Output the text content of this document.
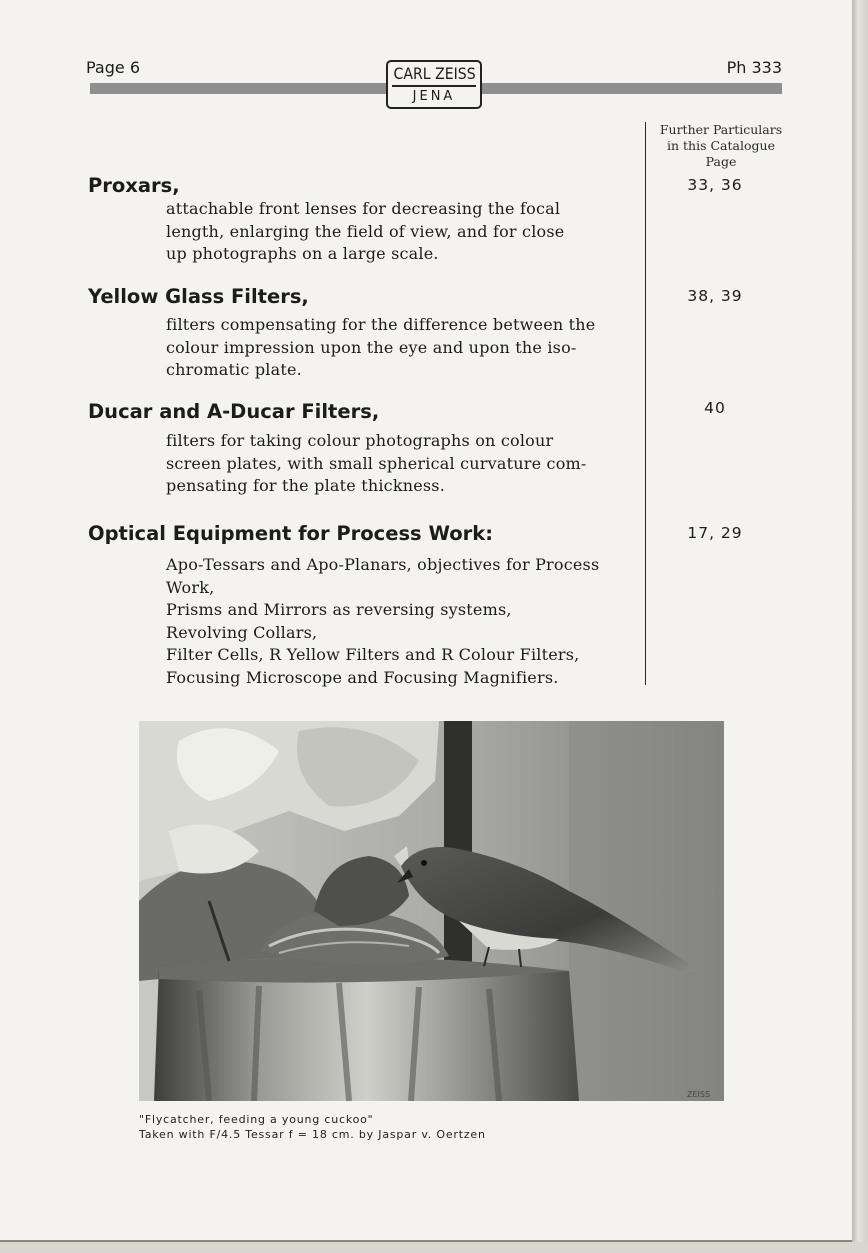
Page 6	Ph 333
CARL ZEISS
JENA
Further Particulars
in this Catalogue
Page
Proxars,	33, 36
attachable front lenses for decreasing the focal
length, enlarging the field of view, and for close
up photographs on a large scale.
Yellow Glass Filters,	38, 39
filters compensating for the difference between the
colour impression upon the eye and upon the iso-
chromatic plate.
Ducar and A-Ducar Filters,	40
filters for taking colour photographs on colour
screen plates, with small spherical curvature com-
pensating for the plate thickness.
Optical Equipment for Process Work:	17, 29
Apo-Tessars and Apo-Planars, objectives for Process
Work,
Prisms and Mirrors as reversing systems,
Revolving Collars,
Filter Cells, R Yellow Filters and R Colour Filters,
Focusing Microscope and Focusing Magnifiers.
ZEISS
"Flycatcher, feeding a young cuckoo"
Taken with F/4.5 Tessar f = 18 cm. by Jaspar v. Oertzen
